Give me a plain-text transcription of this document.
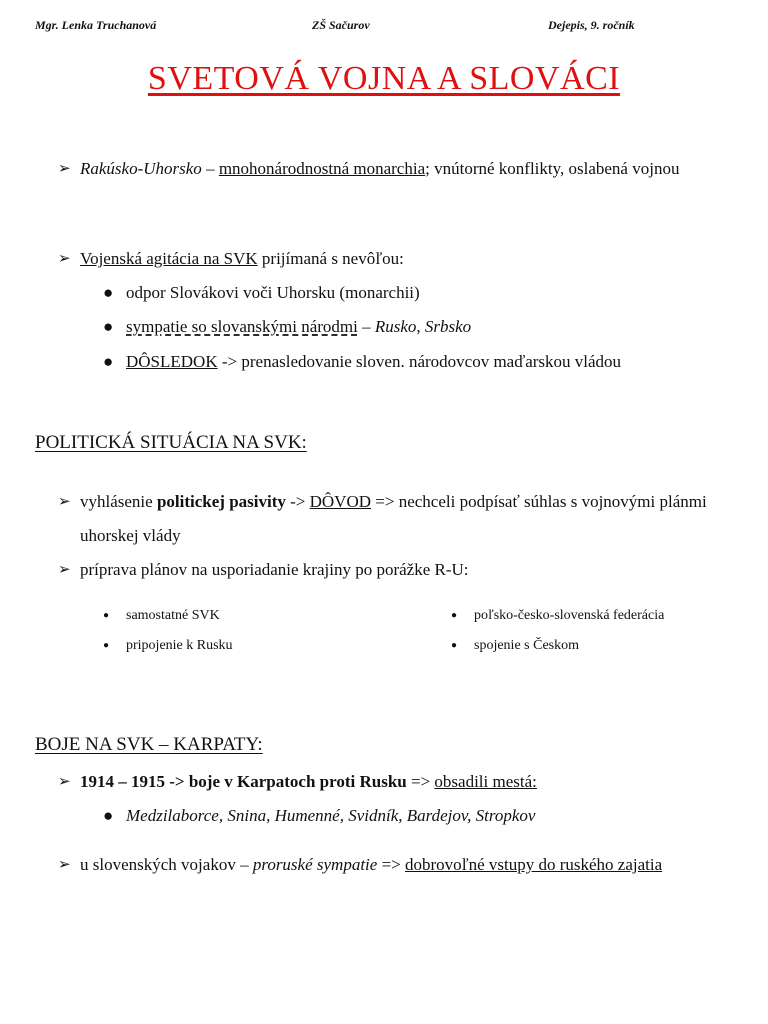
Mgr. Lenka Truchanová	ZŠ Sačurov	Dejepis, 9. ročník
SVETOVÁ VOJNA A SLOVÁCI
➢ Rakúsko-Uhorsko – mnohonárodnostná monarchia; vnútorné konflikty, oslabená vojnou
➢ Vojenská agitácia na SVK prijímaná s nevôľou:
● odpor Slovákovi voči Uhorsku (monarchii)
● sympatie so slovanskými národmi – Rusko, Srbsko
● DÔSLEDOK -> prenasledovanie sloven. národovcov maďarskou vládou
POLITICKÁ SITUÁCIA NA SVK:
➢ vyhlásenie politickej pasivity -> DÔVOD => nechceli podpísať súhlas s vojnovými plánmi uhorskej vlády
➢ príprava plánov na usporiadanie krajiny po porážke R-U:
● samostatné SVK
● pripojenie k Rusku
● poľsko-česko-slovenská federácia
● spojenie s Českom
BOJE NA SVK – KARPATY:
➢ 1914 – 1915 -> boje v Karpatoch proti Rusku => obsadili mestá:
● Medzilaborce, Snina, Humenné, Svidník, Bardejov, Stropkov
➢ u slovenských vojakov – proruské sympatie => dobrovoľné vstupy do ruského zajatia
